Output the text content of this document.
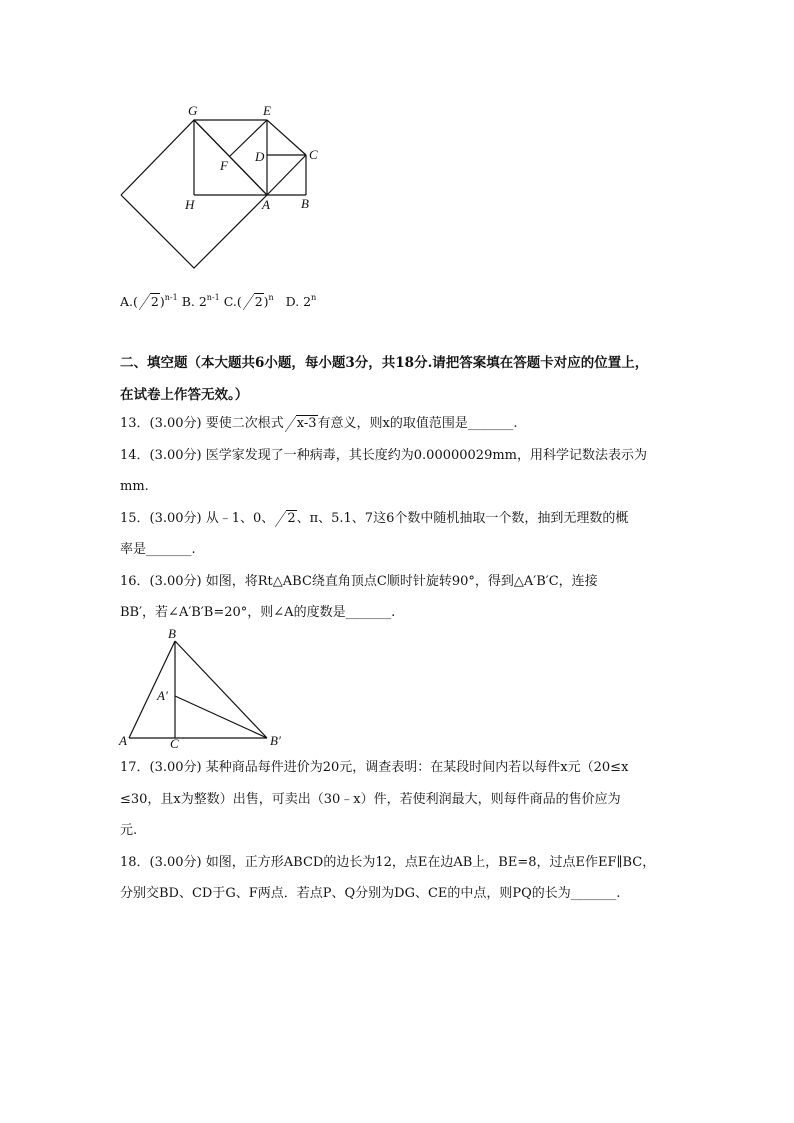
G	E
C
D
F
H	A B
A.( 2)$^{n-1}$ B. 2$^{n-1}$ C.( 2)$^n$ D. 2$^n$
二、填空题（本大题共6小题，每小题3分，共18分.请把答案填在答题卡对应的位置上，
在试卷上作答无效。）
13．(3.00分) 要使二次根式 x-3有意义，则x的取值范围是_______.
14．(3.00分) 医学家发现了一种病毒，其长度约为0.00000029mm，用科学记数法表示为
mm.
15．(3.00分) 从﹣1、0、 2、π、5.1、7这6个数中随机抽取一个数，抽到无理数的概
率是_______.
16．(3.00分) 如图，将Rt△ABC绕直角顶点C顺时针旋转90°，得到△A′B′C，连接
BB′，若∠A′B′B=20°，则∠A的度数是_______.
B
A′
A	C	B′
17．(3.00分) 某种商品每件进价为20元，调查表明：在某段时间内若以每件x元（20≤x
≤30，且x为整数）出售，可卖出（30﹣x）件，若使利润最大，则每件商品的售价应为
元.
18．(3.00分) 如图，正方形ABCD的边长为12，点E在边AB上，BE=8，过点E作EF∥BC，
分别交BD、CD于G、F两点．若点P、Q分别为DG、CE的中点，则PQ的长为_______.
